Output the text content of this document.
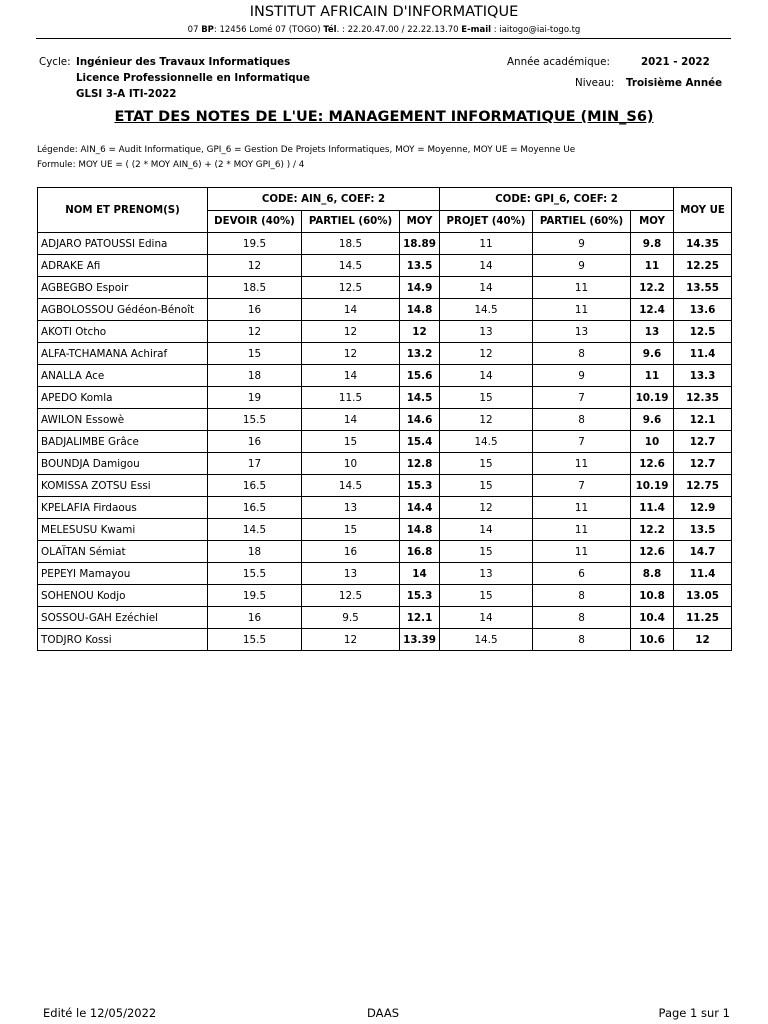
INSTITUT AFRICAIN D'INFORMATIQUE
07 BP: 12456 Lomé 07 (TOGO) Tél. : 22.20.47.00 / 22.22.13.70 E-mail : iaitogo@iai-togo.tg
Cycle: Ingénieur des Travaux Informatiques
Licence Professionnelle en Informatique
GLSI 3-A ITI-2022
Année académique:	2021 - 2022
Niveau: Troisième Année
ETAT DES NOTES DE L'UE: MANAGEMENT INFORMATIQUE (MIN_S6)
Légende: AIN_6 = Audit Informatique, GPI_6 = Gestion De Projets Informatiques, MOY = Moyenne, MOY UE = Moyenne Ue
Formule: MOY UE = ( (2 * MOY AIN_6) + (2 * MOY GPI_6) ) / 4
NOM ET PRENOM(S)	CODE: AIN_6, COEF: 2			CODE: GPI_6, COEF: 2			MOY UE
	DEVOIR (40%)	PARTIEL (60%)	MOY	PROJET (40%)	PARTIEL (60%)	MOY	
ADJARO PATOUSSI Edina	19.5	18.5	18.89	11	9	9.8	14.35
ADRAKE Afi	12	14.5	13.5	14	9	11	12.25
AGBEGBO Espoir	18.5	12.5	14.9	14	11	12.2	13.55
AGBOLOSSOU Gédéon-Bénoît	16	14	14.8	14.5	11	12.4	13.6
AKOTI Otcho	12	12	12	13	13	13	12.5
ALFA-TCHAMANA Achiraf	15	12	13.2	12	8	9.6	11.4
ANALLA Ace	18	14	15.6	14	9	11	13.3
APEDO Komla	19	11.5	14.5	15	7	10.19	12.35
AWILON Essowè	15.5	14	14.6	12	8	9.6	12.1
BADJALIMBE Grâce	16	15	15.4	14.5	7	10	12.7
BOUNDJA Damigou	17	10	12.8	15	11	12.6	12.7
KOMISSA ZOTSU Essi	16.5	14.5	15.3	15	7	10.19	12.75
KPELAFIA Firdaous	16.5	13	14.4	12	11	11.4	12.9
MELESUSU Kwami	14.5	15	14.8	14	11	12.2	13.5
OLAÏTAN Sémiat	18	16	16.8	15	11	12.6	14.7
PEPEYI Mamayou	15.5	13	14	13	6	8.8	11.4
SOHENOU Kodjo	19.5	12.5	15.3	15	8	10.8	13.05
SOSSOU-GAH Ezéchiel	16	9.5	12.1	14	8	10.4	11.25
TODJRO Kossi	15.5	12	13.39	14.5	8	10.6	12
Edité le 12/05/2022	DAAS	Page 1 sur 1
